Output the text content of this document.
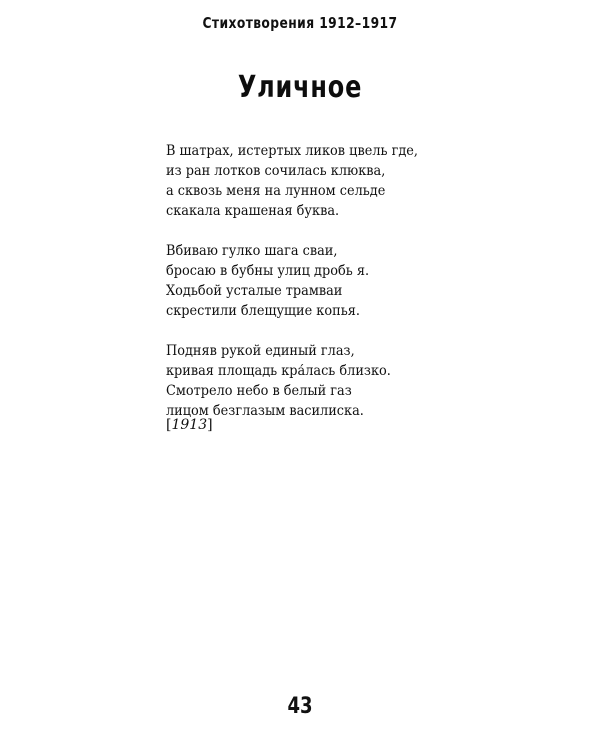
Стихотворения 1912–1917
Уличное
В шатрах, истертых ликов цвель где,
из ран лотков сочилась клюква,
а сквозь меня на лунном сельде
скакала крашеная буква.
Вбиваю гулко шага сваи,
бросаю в бубны улиц дробь я.
Ходьбой усталые трамваи
скрестили блещущие копья.
Подняв рукой единый глаз,
кривая площадь кра́лась близко.
Смотрело небо в белый газ
лицом безглазым василиска.
[1913]
43
